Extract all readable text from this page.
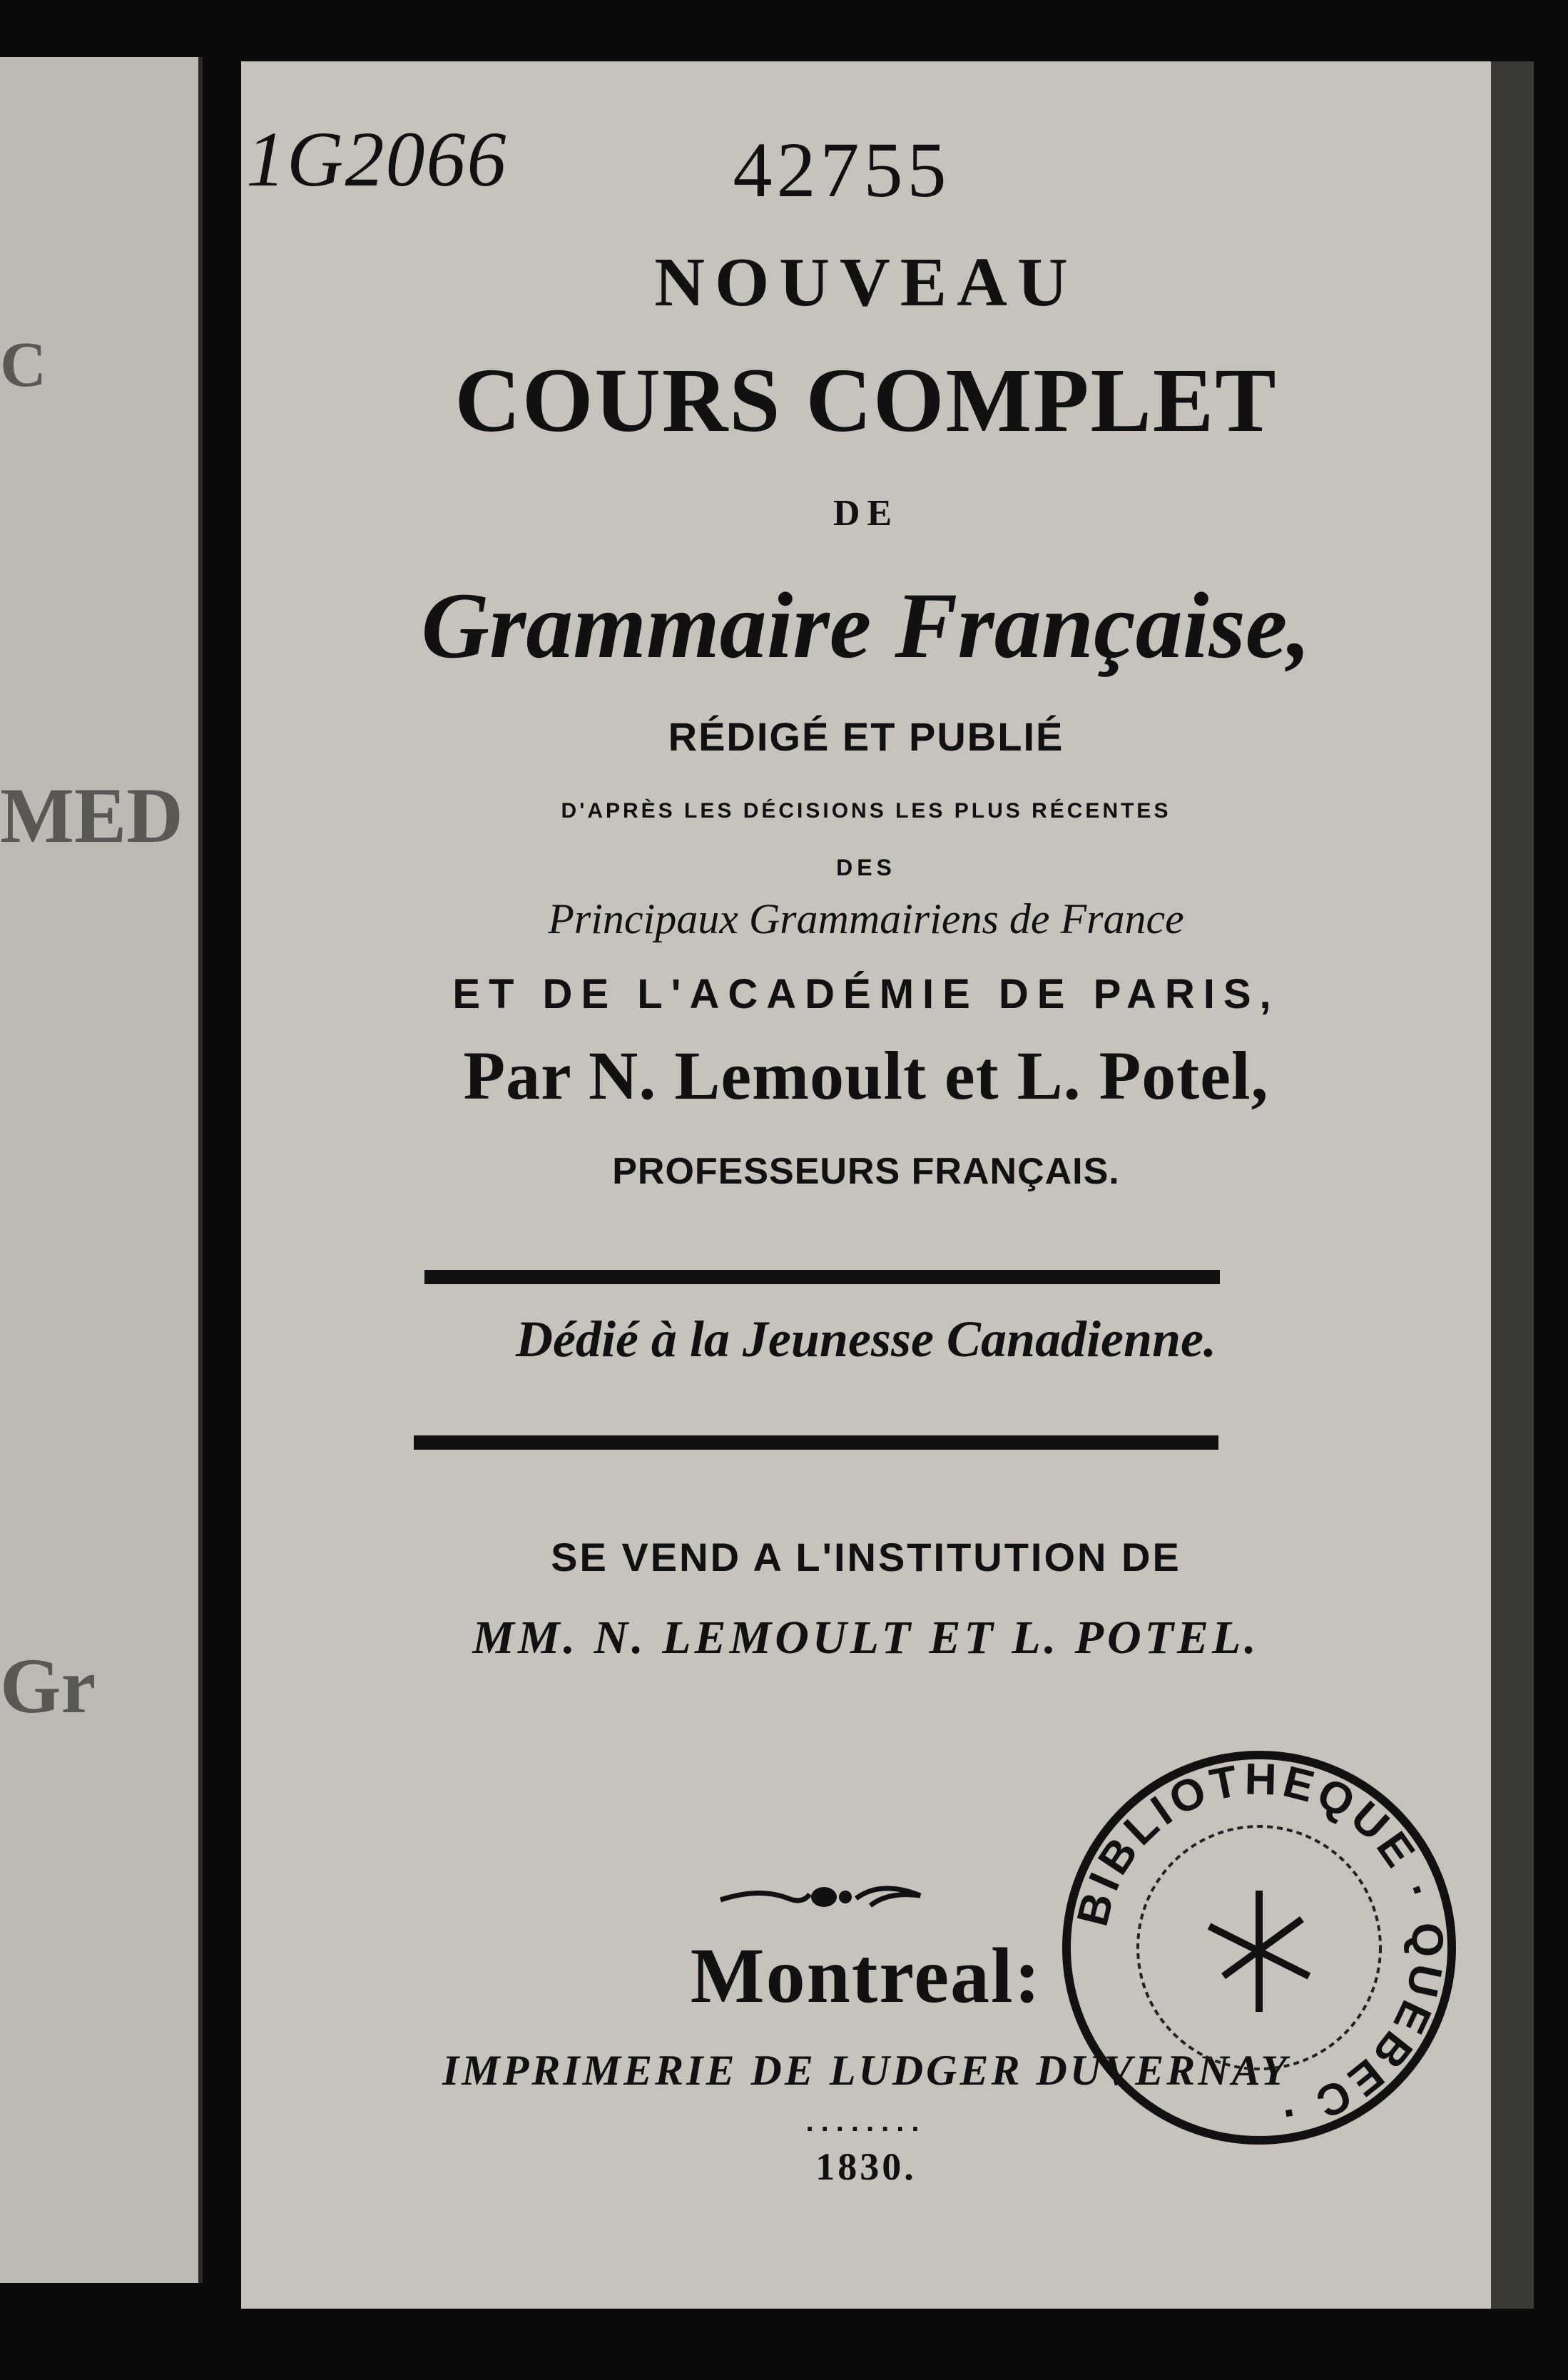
C
MED
Gr
1G2066	42755

NOUVEAU

COURS COMPLET

DE

Grammaire Française,

RÉDIGÉ ET PUBLIÉ

D'APRÈS LES DÉCISIONS LES PLUS RÉCENTES

DES

Principaux Grammairiens de France

ET DE L'ACADÉMIE DE PARIS,

Par N. Lemoult et L. Potel,

PROFESSEURS FRANÇAIS.

Dédié à la Jeunesse Canadienne.

SE VEND A L'INSTITUTION DE

MM. N. LEMOULT ET L. POTEL.

Montreal:

IMPRIMERIE DE LUDGER DUVERNAY

........

1830.

BIBLIOTHEQUE · QUEBEC ·
